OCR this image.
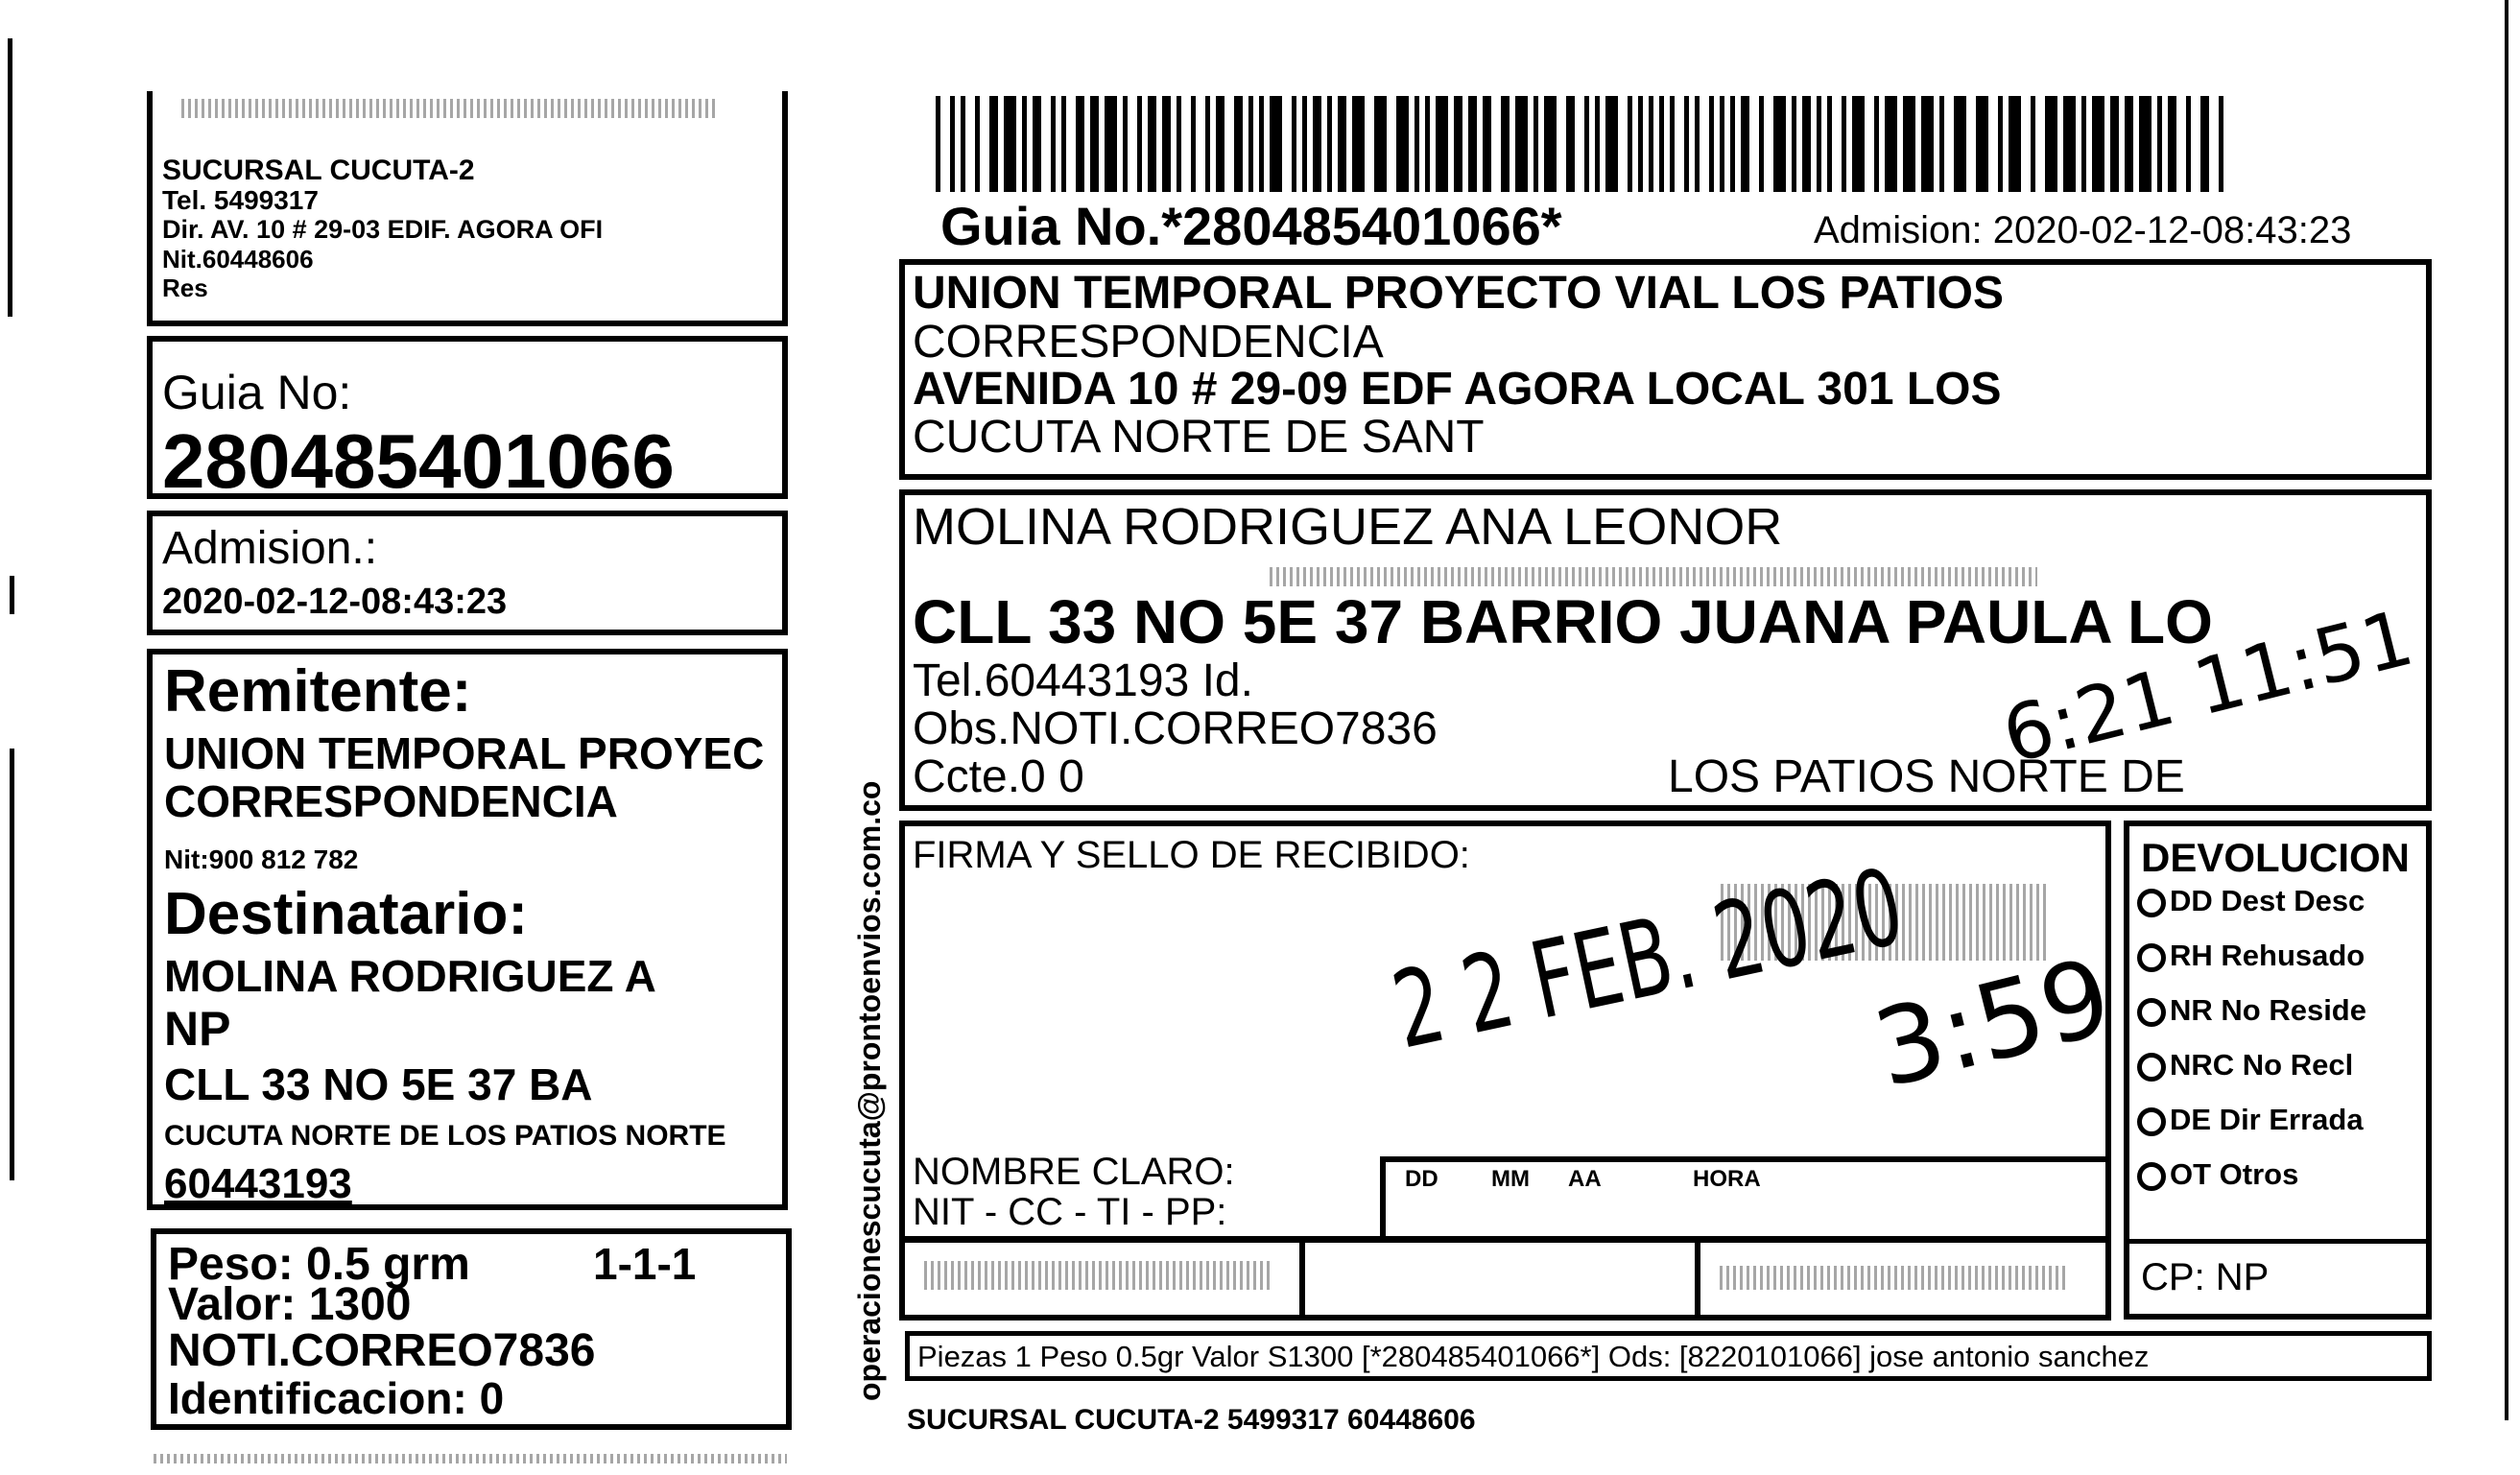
SUCURSAL CUCUTA-2
Tel. 5499317
Dir. AV. 10 # 29-03 EDIF. AGORA OFI
Nit.60448606
Res
Guia No:
280485401066
Admision.:
2020-02-12-08:43:23
Remitente:
UNION TEMPORAL PROYEC
CORRESPONDENCIA
Nit:900 812 782
Destinatario:
MOLINA RODRIGUEZ A
NP
CLL 33 NO 5E 37 BA
CUCUTA NORTE DE LOS PATIOS NORTE
60443193
Peso: 0.5 grm	1-1-1
Valor: 1300
NOTI.CORREO7836
Identificacion: 0	operacionescucuta@prontoenvios.com.co
Guia No.*280485401066*	Admision: 2020-02-12-08:43:23
UNION TEMPORAL PROYECTO VIAL LOS PATIOS
CORRESPONDENCIA
AVENIDA 10 # 29-09 EDF AGORA LOCAL 301 LOS
CUCUTA NORTE DE SANT
MOLINA RODRIGUEZ ANA LEONOR
CLL 33 NO 5E 37 BARRIO JUANA PAULA LO
Tel.60443193 Id.
Obs.NOTI.CORREO7836
Ccte.0 0	LOS PATIOS NORTE DE
6:21 11:51
FIRMA Y SELLO DE RECIBIDO:
2 2 FEB. 2020
3:59
NOMBRE CLARO:
NIT - CC - TI - PP:
DD MM AA	HORA
DEVOLUCION
DD Dest Desc
RH Rehusado
NR No Reside
NRC No Recl
DE Dir Errada
OT Otros
CP: NP
Piezas 1 Peso 0.5gr Valor S1300 [*280485401066*] Ods: [8220101066] jose antonio sanchez
SUCURSAL CUCUTA-2 5499317 60448606
